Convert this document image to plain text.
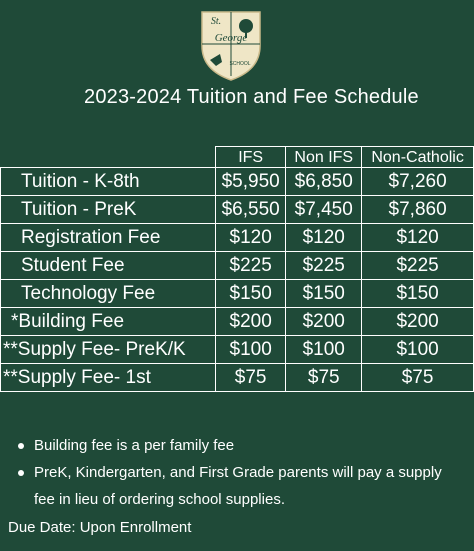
St.
George
SCHOOL
2023-2024 Tuition and Fee Schedule
	IFS	Non IFS	Non-Catholic
Tuition - K-8th	$5,950	$6,850	$7,260
Tuition - PreK	$6,550	$7,450	$7,860
Registration Fee	$120	$120	$120
Student Fee	$225	$225	$225
Technology Fee	$150	$150	$150
*Building Fee	$200	$200	$200
**Supply Fee- PreK/K	$100	$100	$100
**Supply Fee- 1st	$75	$75	$75
Building fee is a per family fee
PreK, Kindergarten, and First Grade parents will pay a supply fee in lieu of ordering school supplies.
Due Date: Upon Enrollment
